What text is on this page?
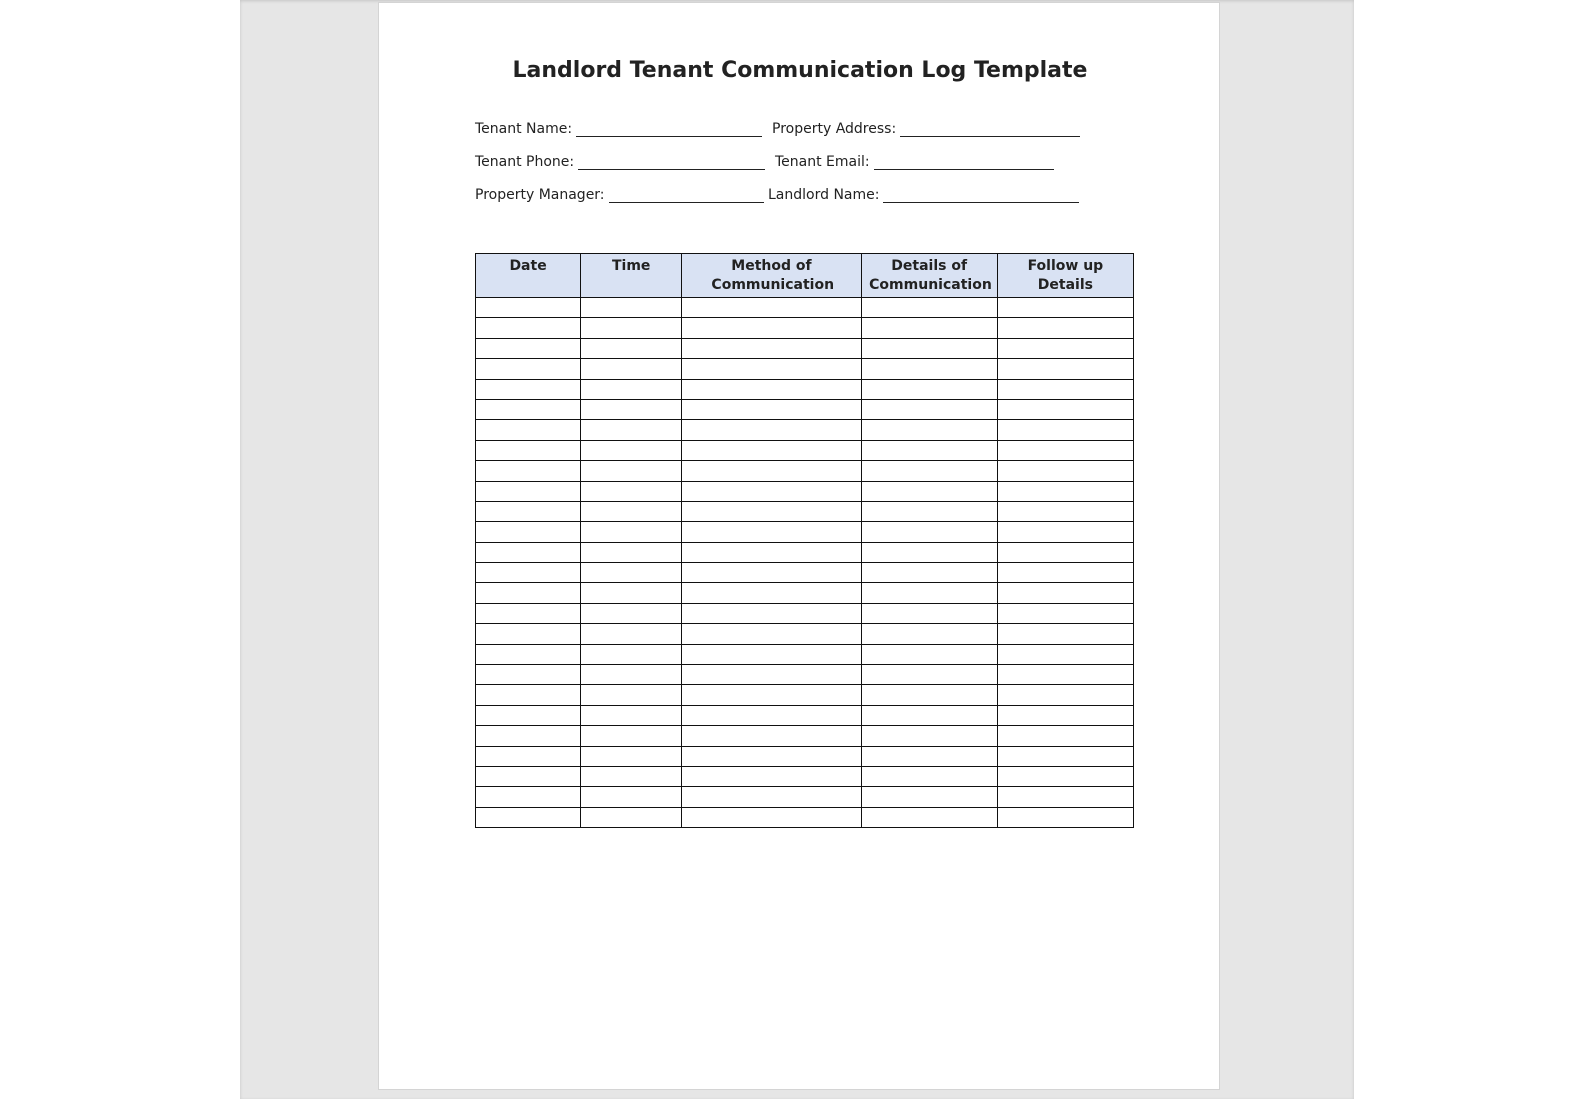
Landlord Tenant Communication Log Template
Tenant Name:	Property Address:
Tenant Phone:	Tenant Email:
Property Manager:	Landlord Name:
Date	Time	Method of Communication	Details of Communication	Follow up Details
